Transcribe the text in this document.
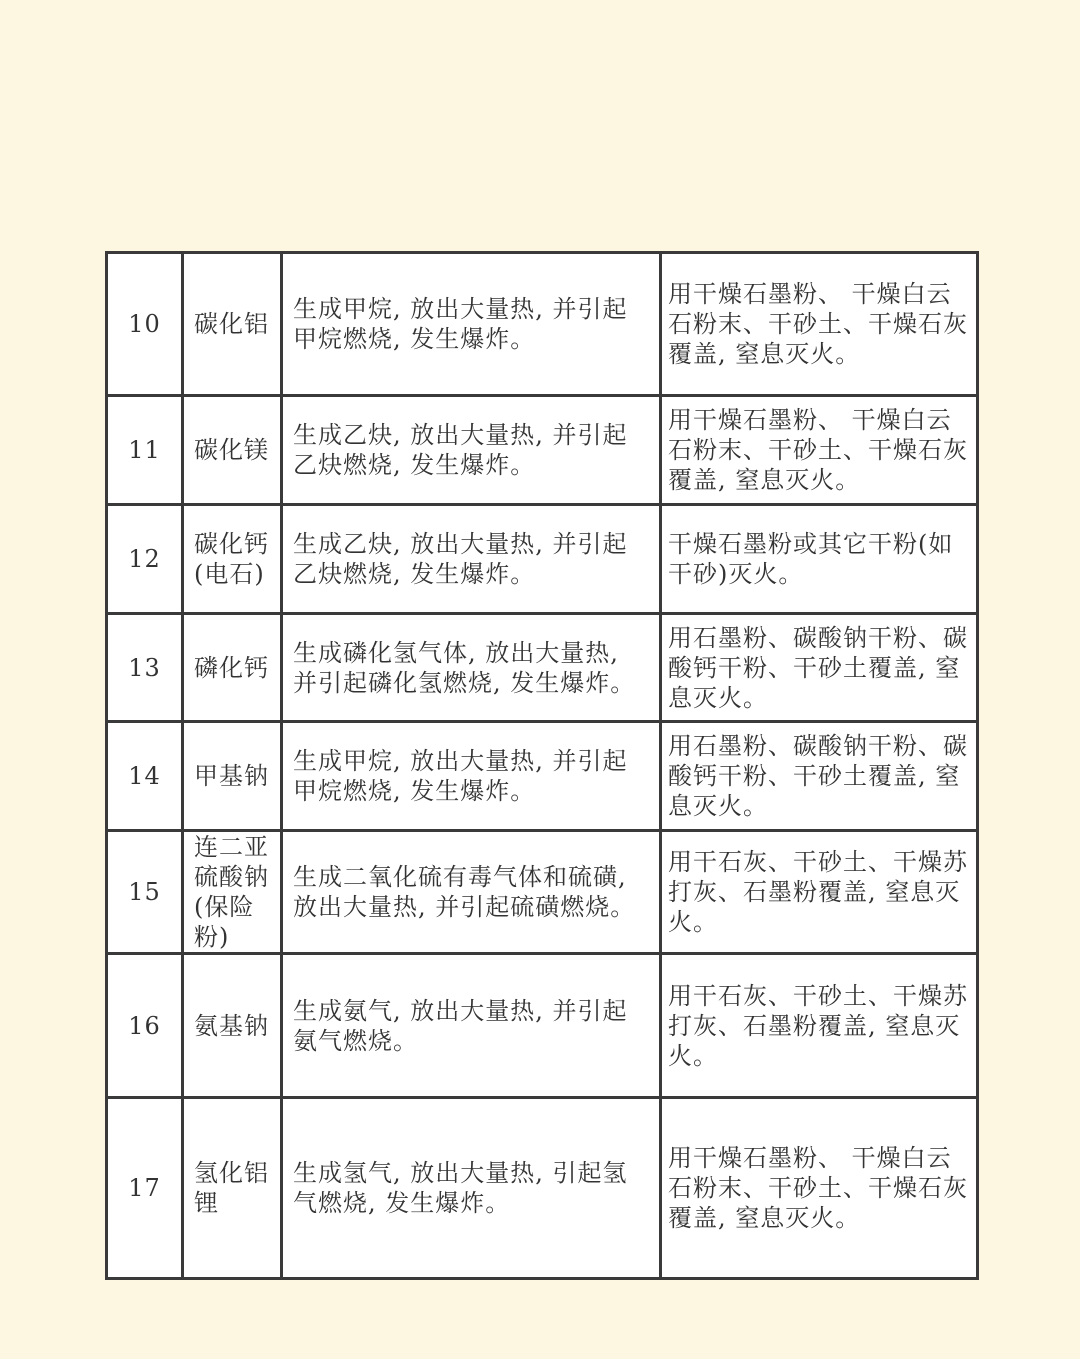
10	碳化铝	生成甲烷, 放出大量热, 并引起甲烷燃烧, 发生爆炸。	用干燥石墨粉、 干燥白云石粉末、干砂土、干燥石灰覆盖, 窒息灭火。

11	碳化镁	生成乙炔, 放出大量热, 并引起乙炔燃烧, 发生爆炸。	用干燥石墨粉、 干燥白云石粉末、干砂土、干燥石灰覆盖, 窒息灭火。

12	碳化钙(电石)	生成乙炔, 放出大量热, 并引起乙炔燃烧, 发生爆炸。	干燥石墨粉或其它干粉(如干砂)灭火。

13	磷化钙	生成磷化氢气体, 放出大量热, 并引起磷化氢燃烧, 发生爆炸。	用石墨粉、碳酸钠干粉、碳酸钙干粉、干砂土覆盖, 窒息灭火。

14	甲基钠	生成甲烷, 放出大量热, 并引起甲烷燃烧, 发生爆炸。	用石墨粉、碳酸钠干粉、碳酸钙干粉、干砂土覆盖, 窒息灭火。

15	连二亚硫酸钠(保险粉)	生成二氧化硫有毒气体和硫磺, 放出大量热, 并引起硫磺燃烧。	用干石灰、干砂土、干燥苏打灰、石墨粉覆盖, 窒息灭火。

16	氨基钠	生成氨气, 放出大量热, 并引起氨气燃烧。	用干石灰、干砂土、干燥苏打灰、石墨粉覆盖, 窒息灭火。

17	氢化铝锂	生成氢气, 放出大量热, 引起氢气燃烧, 发生爆炸。	用干燥石墨粉、 干燥白云石粉末、干砂土、干燥石灰覆盖, 窒息灭火。
